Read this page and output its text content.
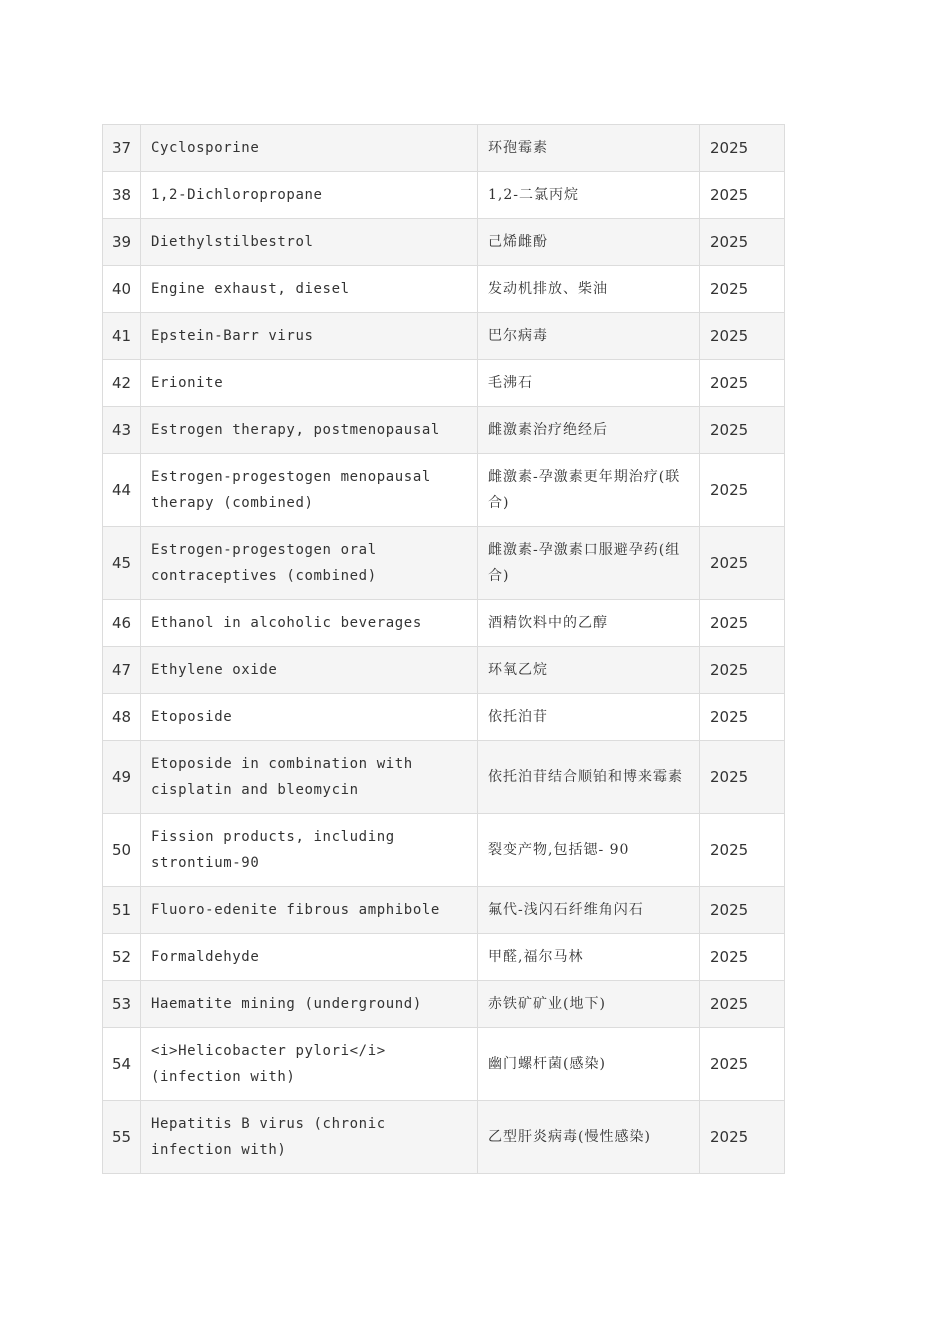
37	Cyclosporine	环孢霉素	2025
38	1,2-Dichloropropane	1,2-二氯丙烷	2025
39	Diethylstilbestrol	己烯雌酚	2025
40	Engine exhaust, diesel	发动机排放、柴油	2025
41	Epstein-Barr virus	巴尔病毒	2025
42	Erionite	毛沸石	2025
43	Estrogen therapy, postmenopausal	雌激素治疗绝经后	2025
44	Estrogen-progestogen menopausal therapy (combined)	雌激素-孕激素更年期治疗(联合)	2025
45	Estrogen-progestogen oral contraceptives (combined)	雌激素-孕激素口服避孕药(组合)	2025
46	Ethanol in alcoholic beverages	酒精饮料中的乙醇	2025
47	Ethylene oxide	环氧乙烷	2025
48	Etoposide	依托泊苷	2025
49	Etoposide in combination with cisplatin and bleomycin	依托泊苷结合顺铂和博来霉素	2025
50	Fission products, including strontium-90	裂变产物,包括锶- 90	2025
51	Fluoro-edenite fibrous amphibole	氟代-浅闪石纤维角闪石	2025
52	Formaldehyde	甲醛,福尔马林	2025
53	Haematite mining (underground)	赤铁矿矿业(地下)	2025
54	<i>Helicobacter pylori</i> (infection with)	幽门螺杆菌(感染)	2025
55	Hepatitis B virus (chronic infection with)	乙型肝炎病毒(慢性感染)	2025
